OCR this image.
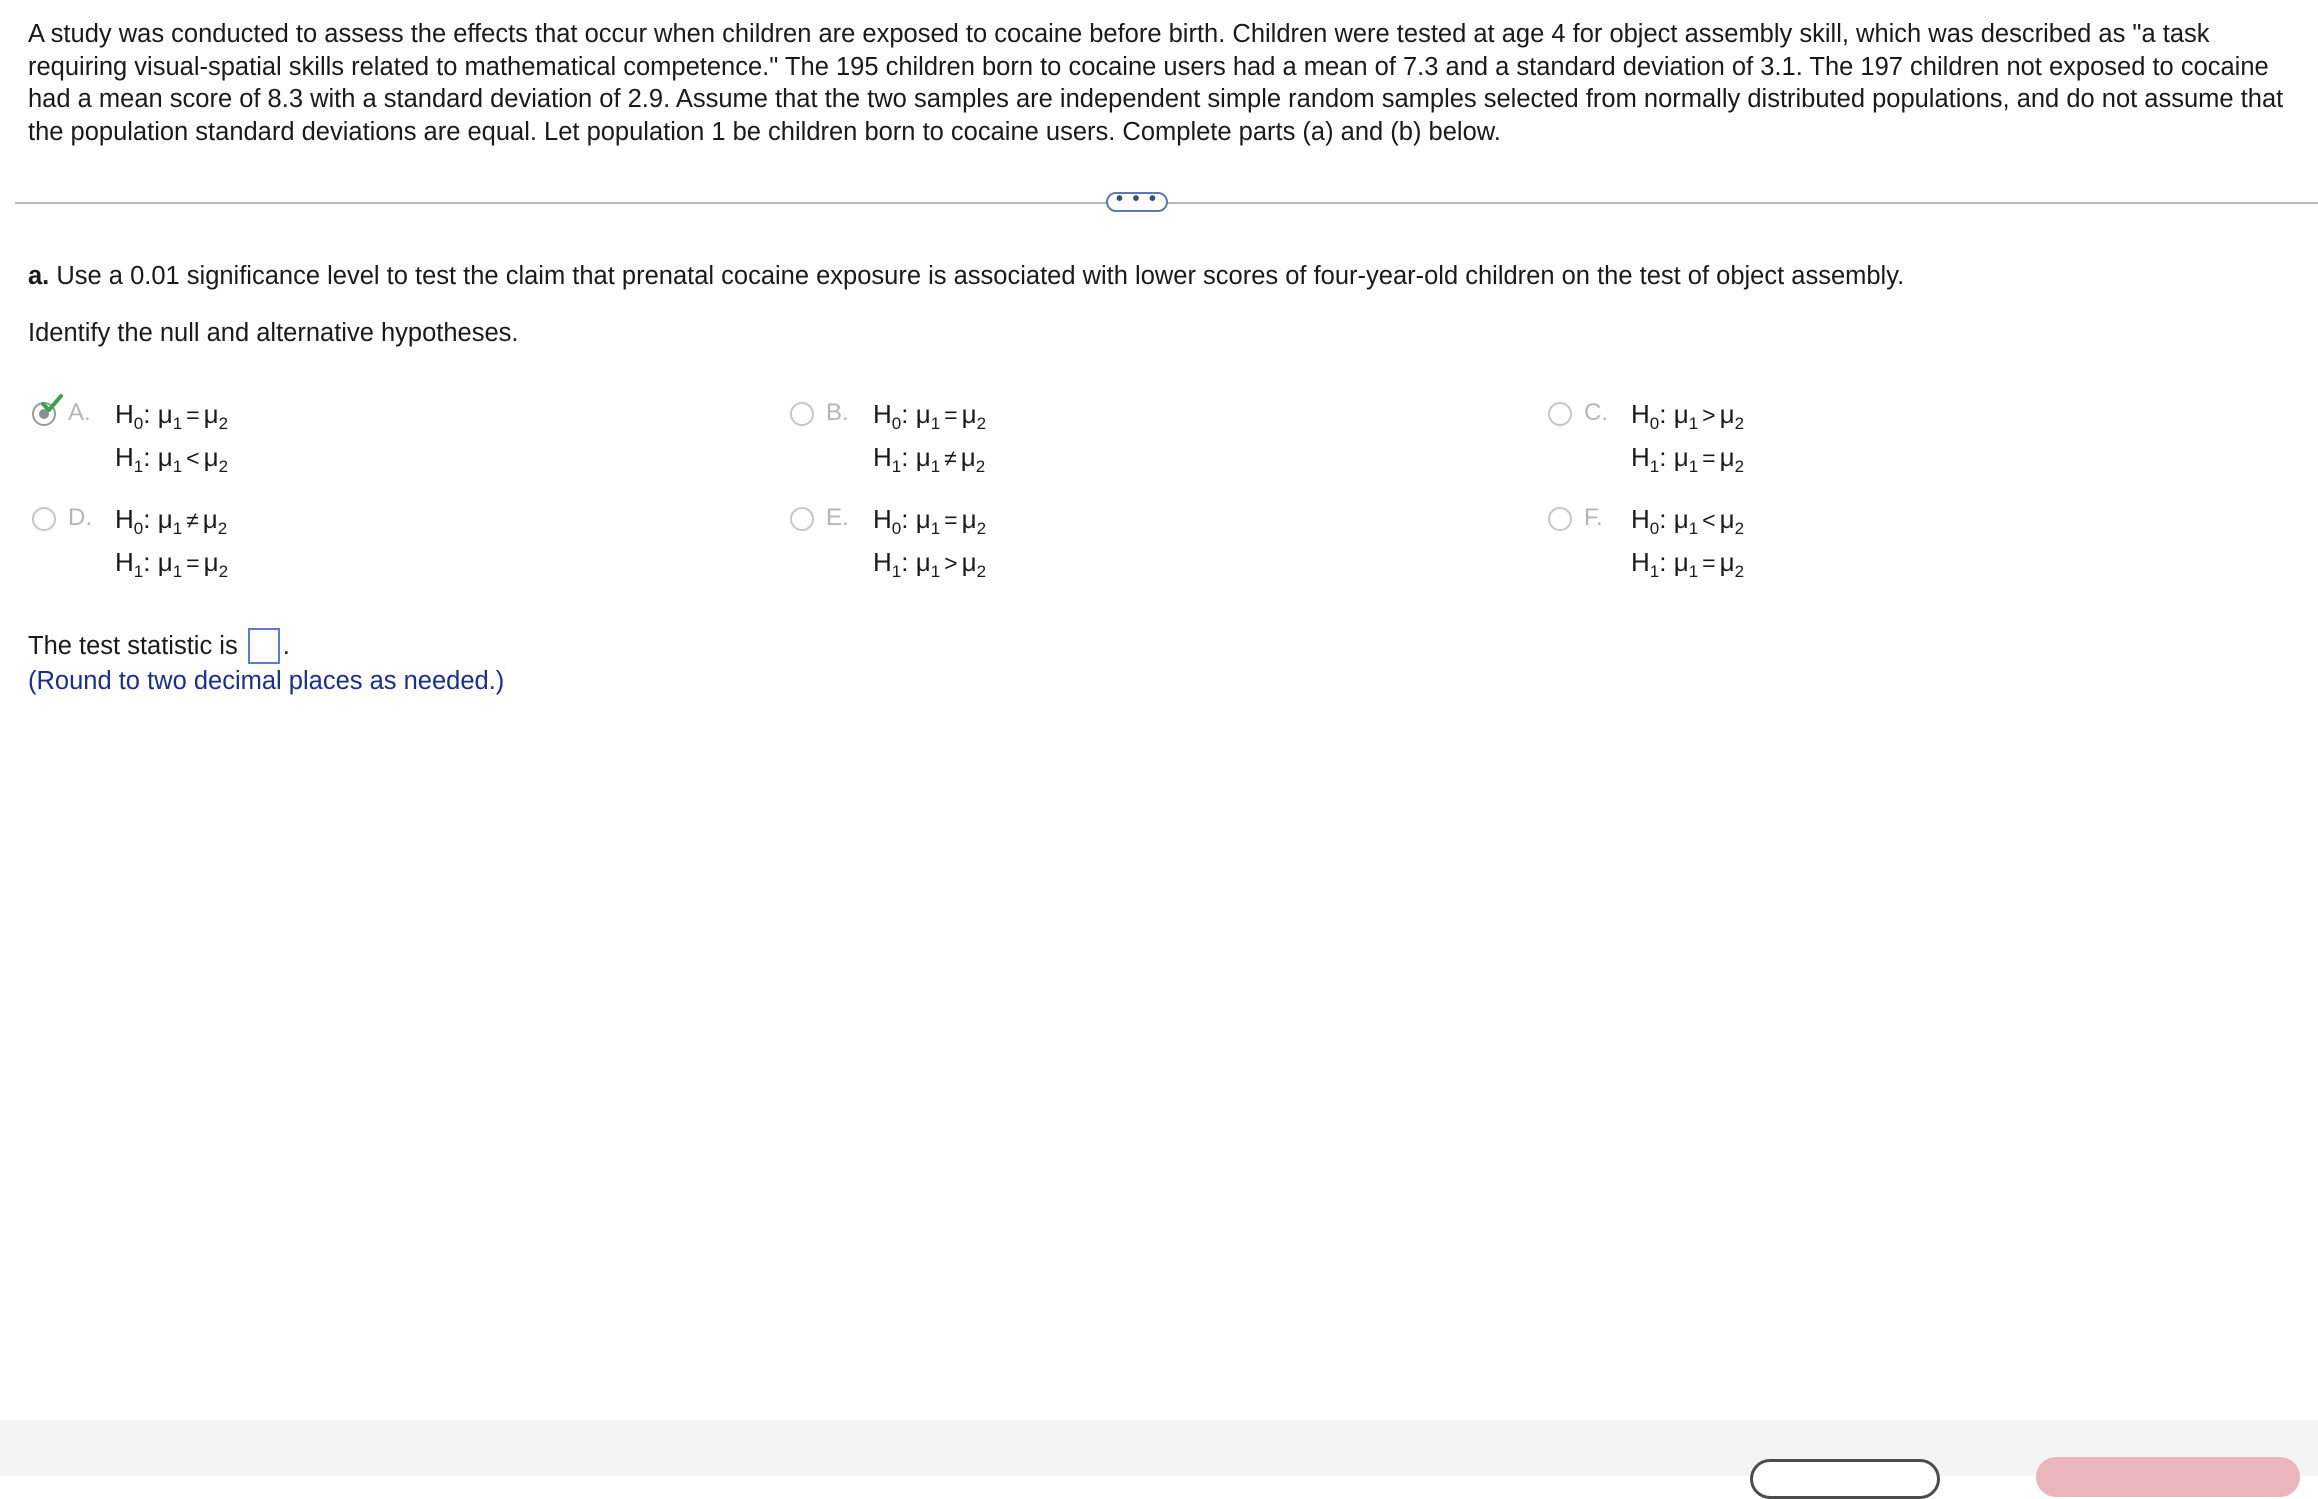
A study was conducted to assess the effects that occur when children are exposed to cocaine before birth. Children were tested at age 4 for object assembly skill, which was described as "a task requiring visual-spatial skills related to mathematical competence." The 195 children born to cocaine users had a mean of 7.3 and a standard deviation of 3.1. The 197 children not exposed to cocaine had a mean score of 8.3 with a standard deviation of 2.9. Assume that the two samples are independent simple random samples selected from normally distributed populations, and do not assume that the population standard deviations are equal. Let population 1 be children born to cocaine users. Complete parts (a) and (b) below.

• • •

a. Use a 0.01 significance level to test the claim that prenatal cocaine exposure is associated with lower scores of four-year-old children on the test of object assembly.

Identify the null and alternative hypotheses.

A. $H_0$: $\mu_1 = \mu_2$
$H_1$: $\mu_1 < \mu_2$
B. $H_0$: $\mu_1 = \mu_2$
$H_1$: $\mu_1 \ne \mu_2$
C. $H_0$: $\mu_1 > \mu_2$
$H_1$: $\mu_1 = \mu_2$
D. $H_0$: $\mu_1 \ne \mu_2$
$H_1$: $\mu_1 = \mu_2$
E. $H_0$: $\mu_1 = \mu_2$
$H_1$: $\mu_1 > \mu_2$
F. $H_0$: $\mu_1 < \mu_2$
$H_1$: $\mu_1 = \mu_2$

The test statistic is .

(Round to two decimal places as needed.)
